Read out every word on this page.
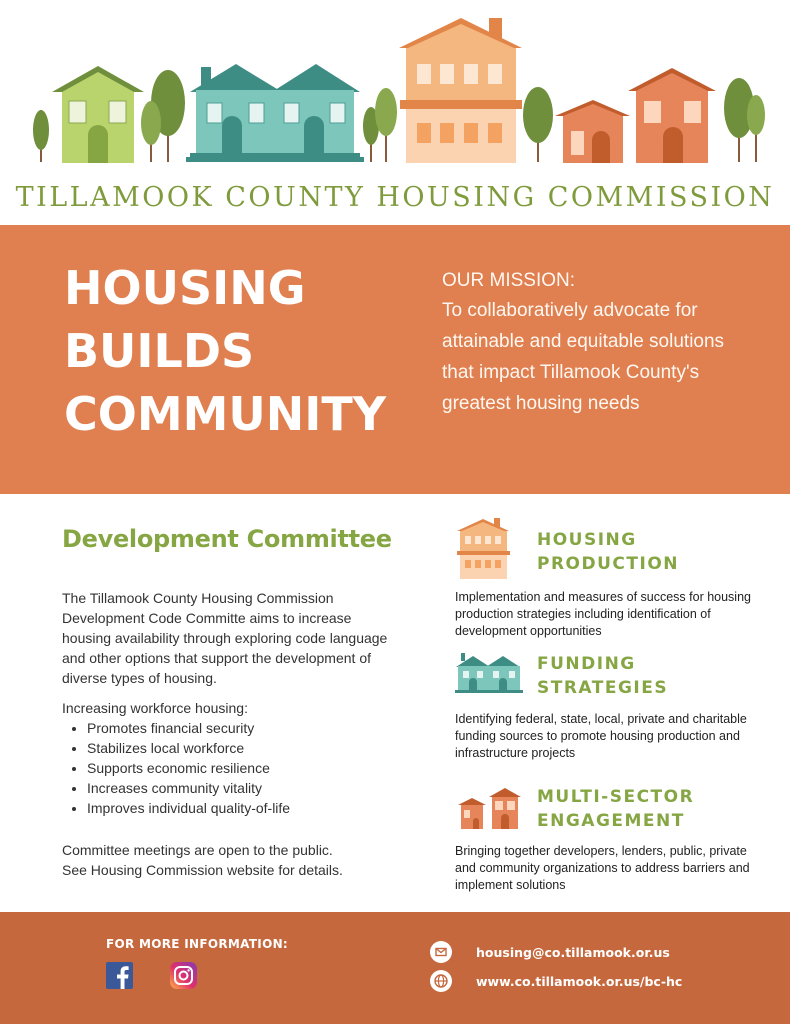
TILLAMOOK COUNTY HOUSING COMMISSION
HOUSING
BUILDS
COMMUNITY
OUR MISSION:
To collaboratively advocate for attainable and equitable solutions that impact Tillamook County's greatest housing needs
Development Committee
The Tillamook County Housing Commission Development Code Committe aims to increase housing availability through exploring code language and other options that support the development of diverse types of housing.
Increasing workforce housing:
• Promotes financial security
• Stabilizes local workforce
• Supports economic resilience
• Increases community vitality
• Improves individual quality-of-life
Committee meetings are open to the public.
See Housing Commission website for details.
HOUSING
PRODUCTION
Implementation and measures of success for housing production strategies including identification of development opportunities
FUNDING
STRATEGIES
Identifying federal, state, local, private and charitable funding sources to promote housing production and infrastructure projects
MULTI-SECTOR
ENGAGEMENT
Bringing together developers, lenders, public, private and community organizations to address barriers and implement solutions
FOR MORE INFORMATION:
housing@co.tillamook.or.us
www.co.tillamook.or.us/bc-hc
